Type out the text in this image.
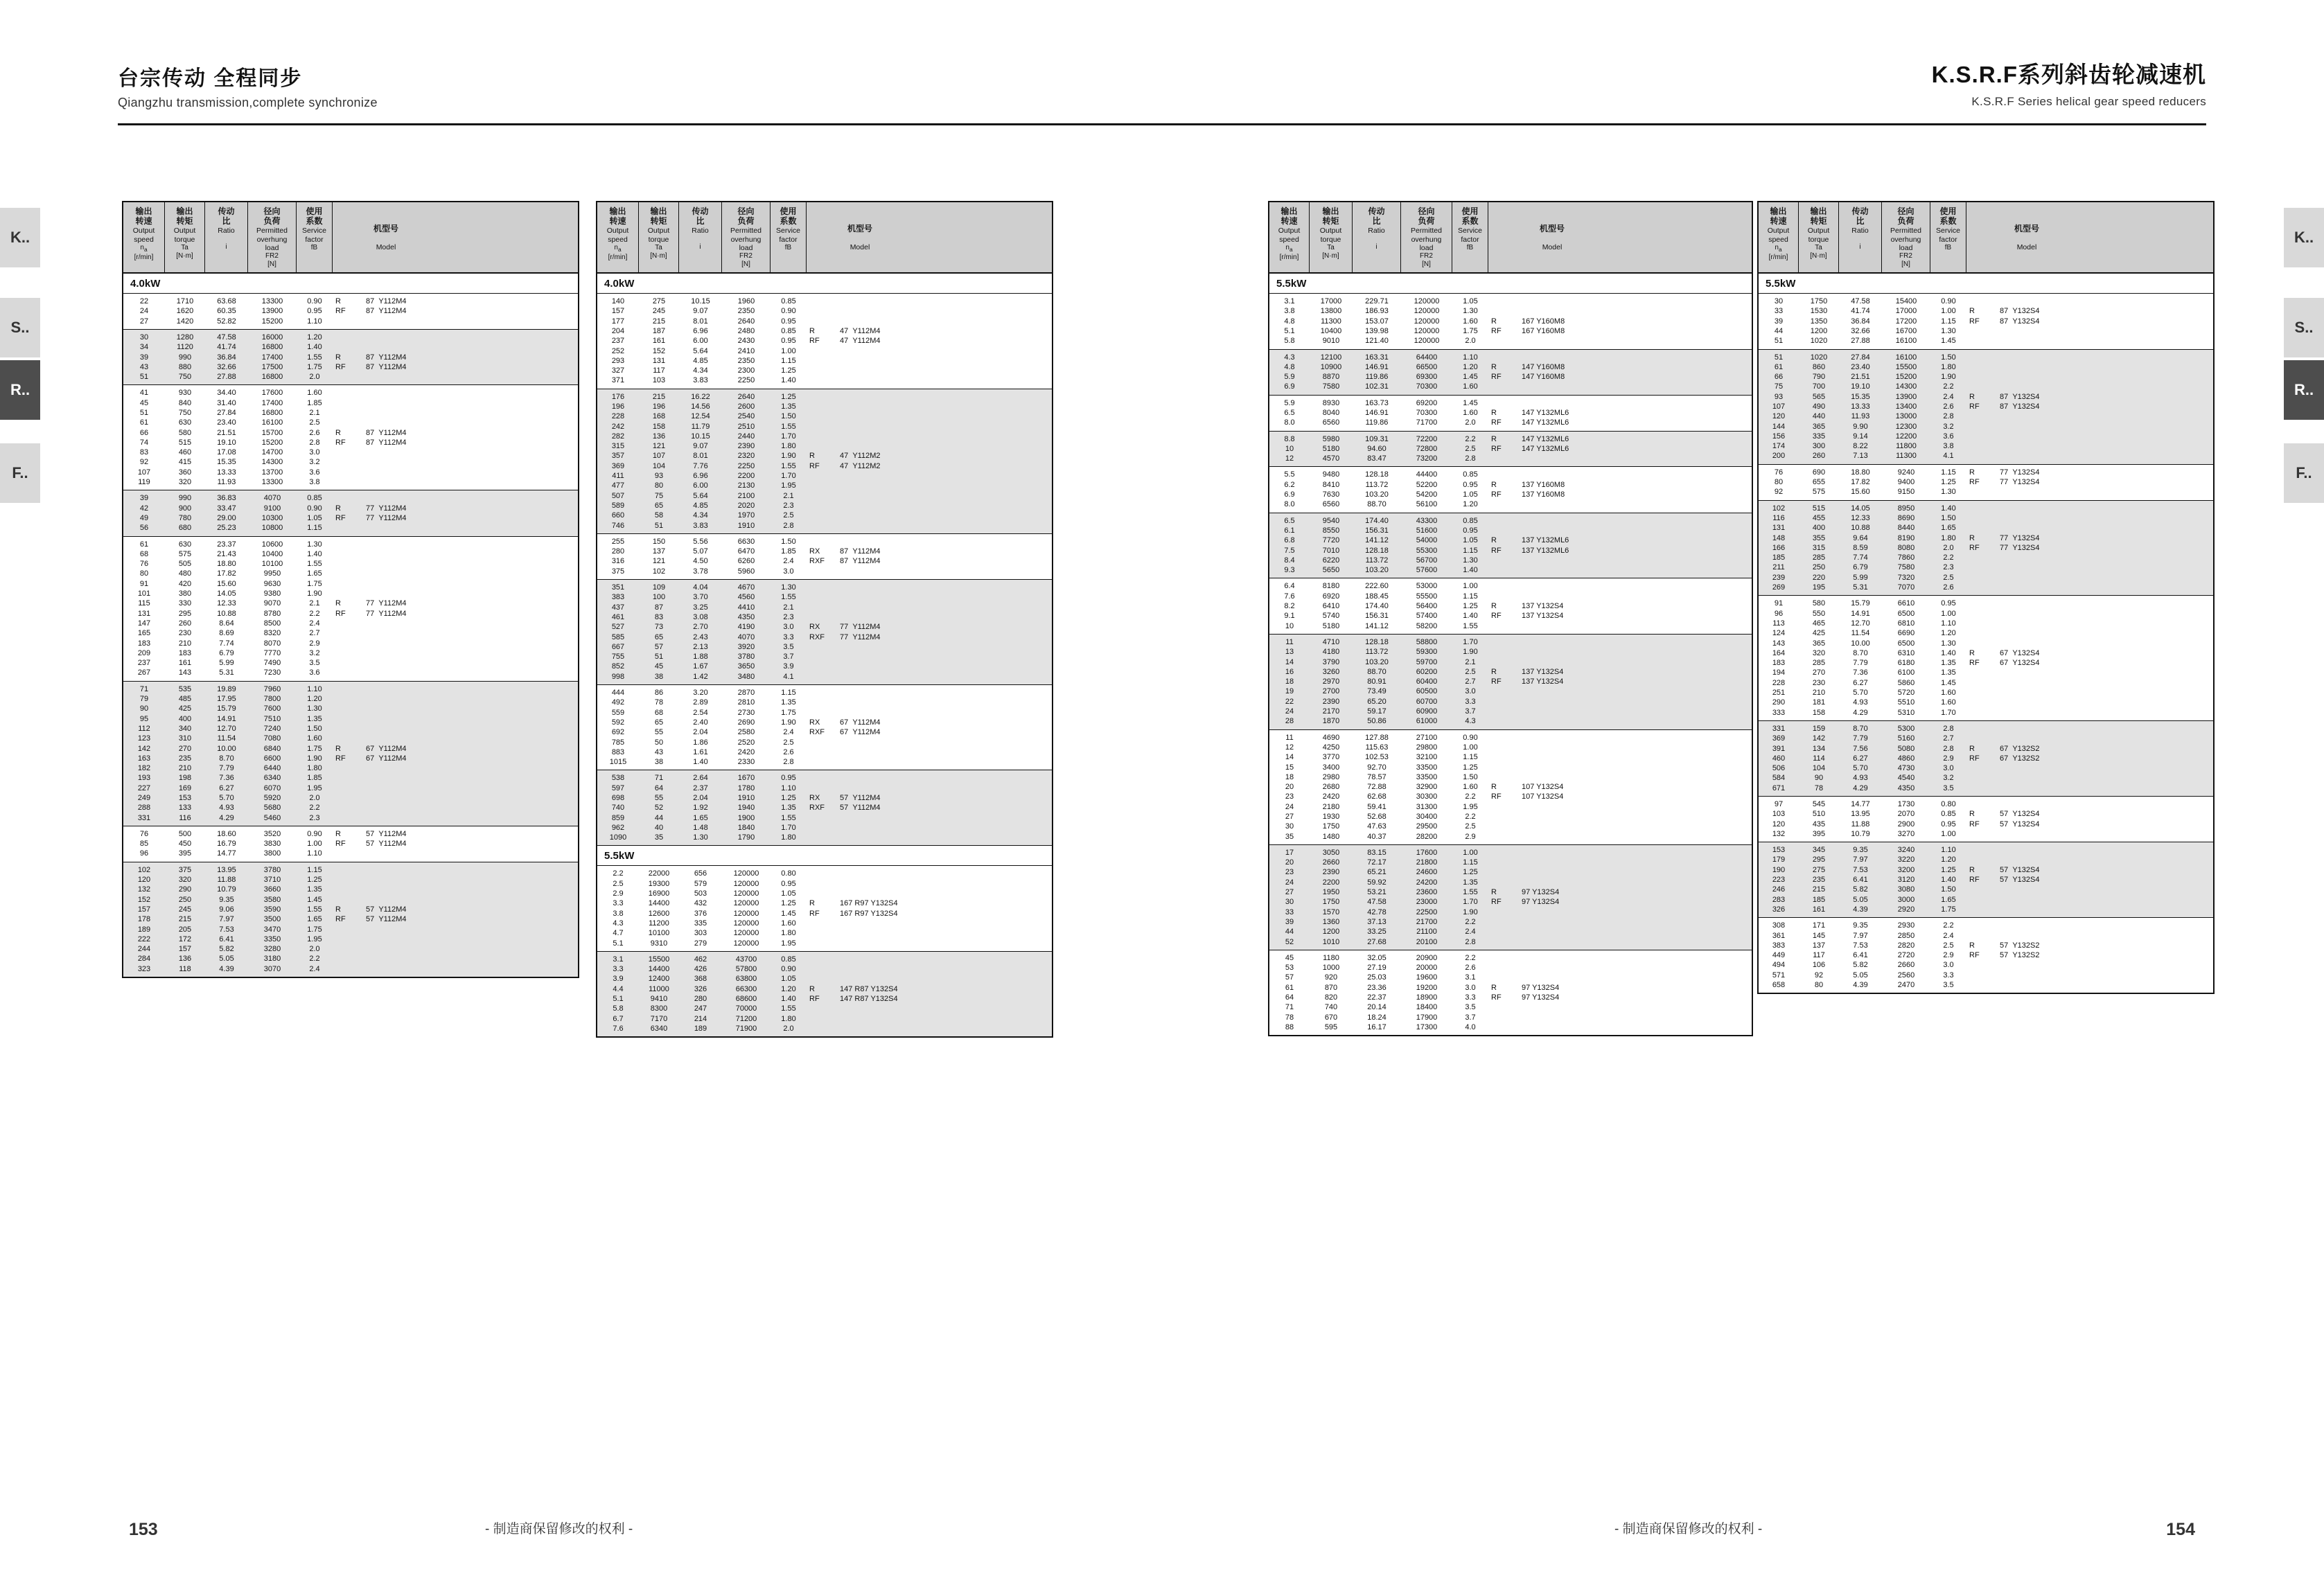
台宗传动 全程同步
Qiangzhu transmission,complete synchronize
K.S.R.F系列斜齿轮减速机
K.S.R.F Series helical gear speed reducers
K..
S..
R..
F..
K..
S..
R..
F..
输出
转速
Output
speed
$n_a$
[r/min]
输出
转矩
Output
torque
Ta
[N·m]
传动
比
Ratio

i
径向
负荷
Permitted
overhung
load
FR2
[N]
使用
系数
Service
factor
fB
机型号
Model
4.0kW
22	1710	63.68	13300	0.90	R	87  Y112M4
24	1620	60.35	13900	0.95	RF	87  Y112M4
27	1420	52.82	15200	1.10
30	1280	47.58	16000	1.20
34	1120	41.74	16800	1.40
39	990	36.84	17400	1.55	R	87  Y112M4
43	880	32.66	17500	1.75	RF	87  Y112M4
51	750	27.88	16800	2.0
41	930	34.40	17600	1.60
45	840	31.40	17400	1.85
51	750	27.84	16800	2.1
61	630	23.40	16100	2.5
66	580	21.51	15700	2.6	R	87  Y112M4
74	515	19.10	15200	2.8	RF	87  Y112M4
83	460	17.08	14700	3.0
92	415	15.35	14300	3.2
107	360	13.33	13700	3.6
119	320	11.93	13300	3.8
39	990	36.83	4070	0.85
42	900	33.47	9100	0.90	R	77  Y112M4
49	780	29.00	10300	1.05	RF	77  Y112M4
56	680	25.23	10800	1.15
61	630	23.37	10600	1.30
68	575	21.43	10400	1.40
76	505	18.80	10100	1.55
80	480	17.82	9950	1.65
91	420	15.60	9630	1.75
101	380	14.05	9380	1.90
115	330	12.33	9070	2.1	R	77  Y112M4
131	295	10.88	8780	2.2	RF	77  Y112M4
147	260	8.64	8500	2.4
165	230	8.69	8320	2.7
183	210	7.74	8070	2.9
209	183	6.79	7770	3.2
237	161	5.99	7490	3.5
267	143	5.31	7230	3.6
71	535	19.89	7960	1.10
79	485	17.95	7800	1.20
90	425	15.79	7600	1.30
95	400	14.91	7510	1.35
112	340	12.70	7240	1.50
123	310	11.54	7080	1.60
142	270	10.00	6840	1.75	R	67  Y112M4
163	235	8.70	6600	1.90	RF	67  Y112M4
182	210	7.79	6440	1.80
193	198	7.36	6340	1.85
227	169	6.27	6070	1.95
249	153	5.70	5920	2.0
288	133	4.93	5680	2.2
331	116	4.29	5460	2.3
76	500	18.60	3520	0.90	R	57  Y112M4
85	450	16.79	3830	1.00	RF	57  Y112M4
96	395	14.77	3800	1.10
102	375	13.95	3780	1.15
120	320	11.88	3710	1.25
132	290	10.79	3660	1.35
152	250	9.35	3580	1.45
157	245	9.06	3590	1.55	R	57  Y112M4
178	215	7.97	3500	1.65	RF	57  Y112M4
189	205	7.53	3470	1.75
222	172	6.41	3350	1.95
244	157	5.82	3280	2.0
284	136	5.05	3180	2.2
323	118	4.39	3070	2.4
输出
转速
Output
speed
$n_a$
[r/min]
输出
转矩
Output
torque
Ta
[N·m]
传动
比
Ratio

i
径向
负荷
Permitted
overhung
load
FR2
[N]
使用
系数
Service
factor
fB
机型号
Model
4.0kW
140	275	10.15	1960	0.85
157	245	9.07	2350	0.90
177	215	8.01	2640	0.95
204	187	6.96	2480	0.85	R	47  Y112M4
237	161	6.00	2430	0.95	RF	47  Y112M4
252	152	5.64	2410	1.00
293	131	4.85	2350	1.15
327	117	4.34	2300	1.25
371	103	3.83	2250	1.40
176	215	16.22	2640	1.25
196	196	14.56	2600	1.35
228	168	12.54	2540	1.50
242	158	11.79	2510	1.55
282	136	10.15	2440	1.70
315	121	9.07	2390	1.80
357	107	8.01	2320	1.90	R	47  Y112M2
369	104	7.76	2250	1.55	RF	47  Y112M2
411	93	6.96	2200	1.70
477	80	6.00	2130	1.95
507	75	5.64	2100	2.1
589	65	4.85	2020	2.3
660	58	4.34	1970	2.5
746	51	3.83	1910	2.8
255	150	5.56	6630	1.50
280	137	5.07	6470	1.85	RX	87  Y112M4
316	121	4.50	6260	2.4	RXF	87  Y112M4
375	102	3.78	5960	3.0
351	109	4.04	4670	1.30
383	100	3.70	4560	1.55
437	87	3.25	4410	2.1
461	83	3.08	4350	2.3
527	73	2.70	4190	3.0	RX	77  Y112M4
585	65	2.43	4070	3.3	RXF	77  Y112M4
667	57	2.13	3920	3.5
755	51	1.88	3780	3.7
852	45	1.67	3650	3.9
998	38	1.42	3480	4.1
444	86	3.20	2870	1.15
492	78	2.89	2810	1.35
559	68	2.54	2730	1.75
592	65	2.40	2690	1.90	RX	67  Y112M4
692	55	2.04	2580	2.4	RXF	67  Y112M4
785	50	1.86	2520	2.5
883	43	1.61	2420	2.6
1015	38	1.40	2330	2.8
538	71	2.64	1670	0.95
597	64	2.37	1780	1.10
698	55	2.04	1910	1.25	RX	57  Y112M4
740	52	1.92	1940	1.35	RXF	57  Y112M4
859	44	1.65	1900	1.55
962	40	1.48	1840	1.70
1090	35	1.30	1790	1.80
5.5kW
2.2	22000	656	120000	0.80
2.5	19300	579	120000	0.95
2.9	16900	503	120000	1.05
3.3	14400	432	120000	1.25	R	167 R97 Y132S4
3.8	12600	376	120000	1.45	RF	167 R97 Y132S4
4.3	11200	335	120000	1.60
4.7	10100	303	120000	1.80
5.1	9310	279	120000	1.95
3.1	15500	462	43700	0.85
3.3	14400	426	57800	0.90
3.9	12400	368	63800	1.05
4.4	11000	326	66300	1.20	R	147 R87 Y132S4
5.1	9410	280	68600	1.40	RF	147 R87 Y132S4
5.8	8300	247	70000	1.55
6.7	7170	214	71200	1.80
7.6	6340	189	71900	2.0
输出
转速
Output
speed
$n_a$
[r/min]
输出
转矩
Output
torque
Ta
[N·m]
传动
比
Ratio

i
径向
负荷
Permitted
overhung
load
FR2
[N]
使用
系数
Service
factor
fB
机型号
Model
5.5kW
3.1	17000	229.71	120000	1.05
3.8	13800	186.93	120000	1.30
4.8	11300	153.07	120000	1.60	R	167 Y160M8
5.1	10400	139.98	120000	1.75	RF	167 Y160M8
5.8	9010	121.40	120000	2.0
4.3	12100	163.31	64400	1.10
4.8	10900	146.91	66500	1.20	R	147 Y160M8
5.9	8870	119.86	69300	1.45	RF	147 Y160M8
6.9	7580	102.31	70300	1.60
5.9	8930	163.73	69200	1.45
6.5	8040	146.91	70300	1.60	R	147 Y132ML6
8.0	6560	119.86	71700	2.0	RF	147 Y132ML6
8.8	5980	109.31	72200	2.2	R	147 Y132ML6
10	5180	94.60	72800	2.5	RF	147 Y132ML6
12	4570	83.47	73200	2.8
5.5	9480	128.18	44400	0.85
6.2	8410	113.72	52200	0.95	R	137 Y160M8
6.9	7630	103.20	54200	1.05	RF	137 Y160M8
8.0	6560	88.70	56100	1.20
6.5	9540	174.40	43300	0.85
6.1	8550	156.31	51600	0.95
6.8	7720	141.12	54000	1.05	R	137 Y132ML6
7.5	7010	128.18	55300	1.15	RF	137 Y132ML6
8.4	6220	113.72	56700	1.30
9.3	5650	103.20	57600	1.40
6.4	8180	222.60	53000	1.00
7.6	6920	188.45	55500	1.15
8.2	6410	174.40	56400	1.25	R	137 Y132S4
9.1	5740	156.31	57400	1.40	RF	137 Y132S4
10	5180	141.12	58200	1.55
11	4710	128.18	58800	1.70
13	4180	113.72	59300	1.90
14	3790	103.20	59700	2.1
16	3260	88.70	60200	2.5	R	137 Y132S4
18	2970	80.91	60400	2.7	RF	137 Y132S4
19	2700	73.49	60500	3.0
22	2390	65.20	60700	3.3
24	2170	59.17	60900	3.7
28	1870	50.86	61000	4.3
11	4690	127.88	27100	0.90
12	4250	115.63	29800	1.00
14	3770	102.53	32100	1.15
15	3400	92.70	33500	1.25
18	2980	78.57	33500	1.50
20	2680	72.88	32900	1.60	R	107 Y132S4
23	2420	62.68	30300	2.2	RF	107 Y132S4
24	2180	59.41	31300	1.95
27	1930	52.68	30400	2.2
30	1750	47.63	29500	2.5
35	1480	40.37	28200	2.9
17	3050	83.15	17600	1.00
20	2660	72.17	21800	1.15
23	2390	65.21	24600	1.25
24	2200	59.92	24200	1.35
27	1950	53.21	23600	1.55	R	97 Y132S4
30	1750	47.58	23000	1.70	RF	97 Y132S4
33	1570	42.78	22500	1.90
39	1360	37.13	21700	2.2
44	1200	33.25	21100	2.4
52	1010	27.68	20100	2.8
45	1180	32.05	20900	2.2
53	1000	27.19	20000	2.6
57	920	25.03	19600	3.1
61	870	23.36	19200	3.0	R	97 Y132S4
64	820	22.37	18900	3.3	RF	97 Y132S4
71	740	20.14	18400	3.5
78	670	18.24	17900	3.7
88	595	16.17	17300	4.0
输出
转速
Output
speed
$n_a$
[r/min]
输出
转矩
Output
torque
Ta
[N·m]
传动
比
Ratio

i
径向
负荷
Permitted
overhung
load
FR2
[N]
使用
系数
Service
factor
fB
机型号
Model
5.5kW
30	1750	47.58	15400	0.90
33	1530	41.74	17000	1.00	R	87  Y132S4
39	1350	36.84	17200	1.15	RF	87  Y132S4
44	1200	32.66	16700	1.30
51	1020	27.88	16100	1.45
51	1020	27.84	16100	1.50
61	860	23.40	15500	1.80
66	790	21.51	15200	1.90
75	700	19.10	14300	2.2
93	565	15.35	13900	2.4	R	87  Y132S4
107	490	13.33	13400	2.6	RF	87  Y132S4
120	440	11.93	13000	2.8
144	365	9.90	12300	3.2
156	335	9.14	12200	3.6
174	300	8.22	11800	3.8
200	260	7.13	11300	4.1
76	690	18.80	9240	1.15	R	77  Y132S4
80	655	17.82	9400	1.25	RF	77  Y132S4
92	575	15.60	9150	1.30
102	515	14.05	8950	1.40
116	455	12.33	8690	1.50
131	400	10.88	8440	1.65
148	355	9.64	8190	1.80	R	77  Y132S4
166	315	8.59	8080	2.0	RF	77  Y132S4
185	285	7.74	7860	2.2
211	250	6.79	7580	2.3
239	220	5.99	7320	2.5
269	195	5.31	7070	2.6
91	580	15.79	6610	0.95
96	550	14.91	6500	1.00
113	465	12.70	6810	1.10
124	425	11.54	6690	1.20
143	365	10.00	6500	1.30
164	320	8.70	6310	1.40	R	67  Y132S4
183	285	7.79	6180	1.35	RF	67  Y132S4
194	270	7.36	6100	1.35
228	230	6.27	5860	1.45
251	210	5.70	5720	1.60
290	181	4.93	5510	1.60
333	158	4.29	5310	1.70
331	159	8.70	5300	2.8
369	142	7.79	5160	2.7
391	134	7.56	5080	2.8	R	67  Y132S2
460	114	6.27	4860	2.9	RF	67  Y132S2
506	104	5.70	4730	3.0
584	90	4.93	4540	3.2
671	78	4.29	4350	3.5
97	545	14.77	1730	0.80
103	510	13.95	2070	0.85	R	57  Y132S4
120	435	11.88	2900	0.95	RF	57  Y132S4
132	395	10.79	3270	1.00
153	345	9.35	3240	1.10
179	295	7.97	3220	1.20
190	275	7.53	3200	1.25	R	57  Y132S4
223	235	6.41	3120	1.40	RF	57  Y132S4
246	215	5.82	3080	1.50
283	185	5.05	3000	1.65
326	161	4.39	2920	1.75
308	171	9.35	2930	2.2
361	145	7.97	2850	2.4
383	137	7.53	2820	2.5	R	57  Y132S2
449	117	6.41	2720	2.9	RF	57  Y132S2
494	106	5.82	2660	3.0
571	92	5.05	2560	3.3
658	80	4.39	2470	3.5
153	154
- 制造商保留修改的权利 -	- 制造商保留修改的权利 -
